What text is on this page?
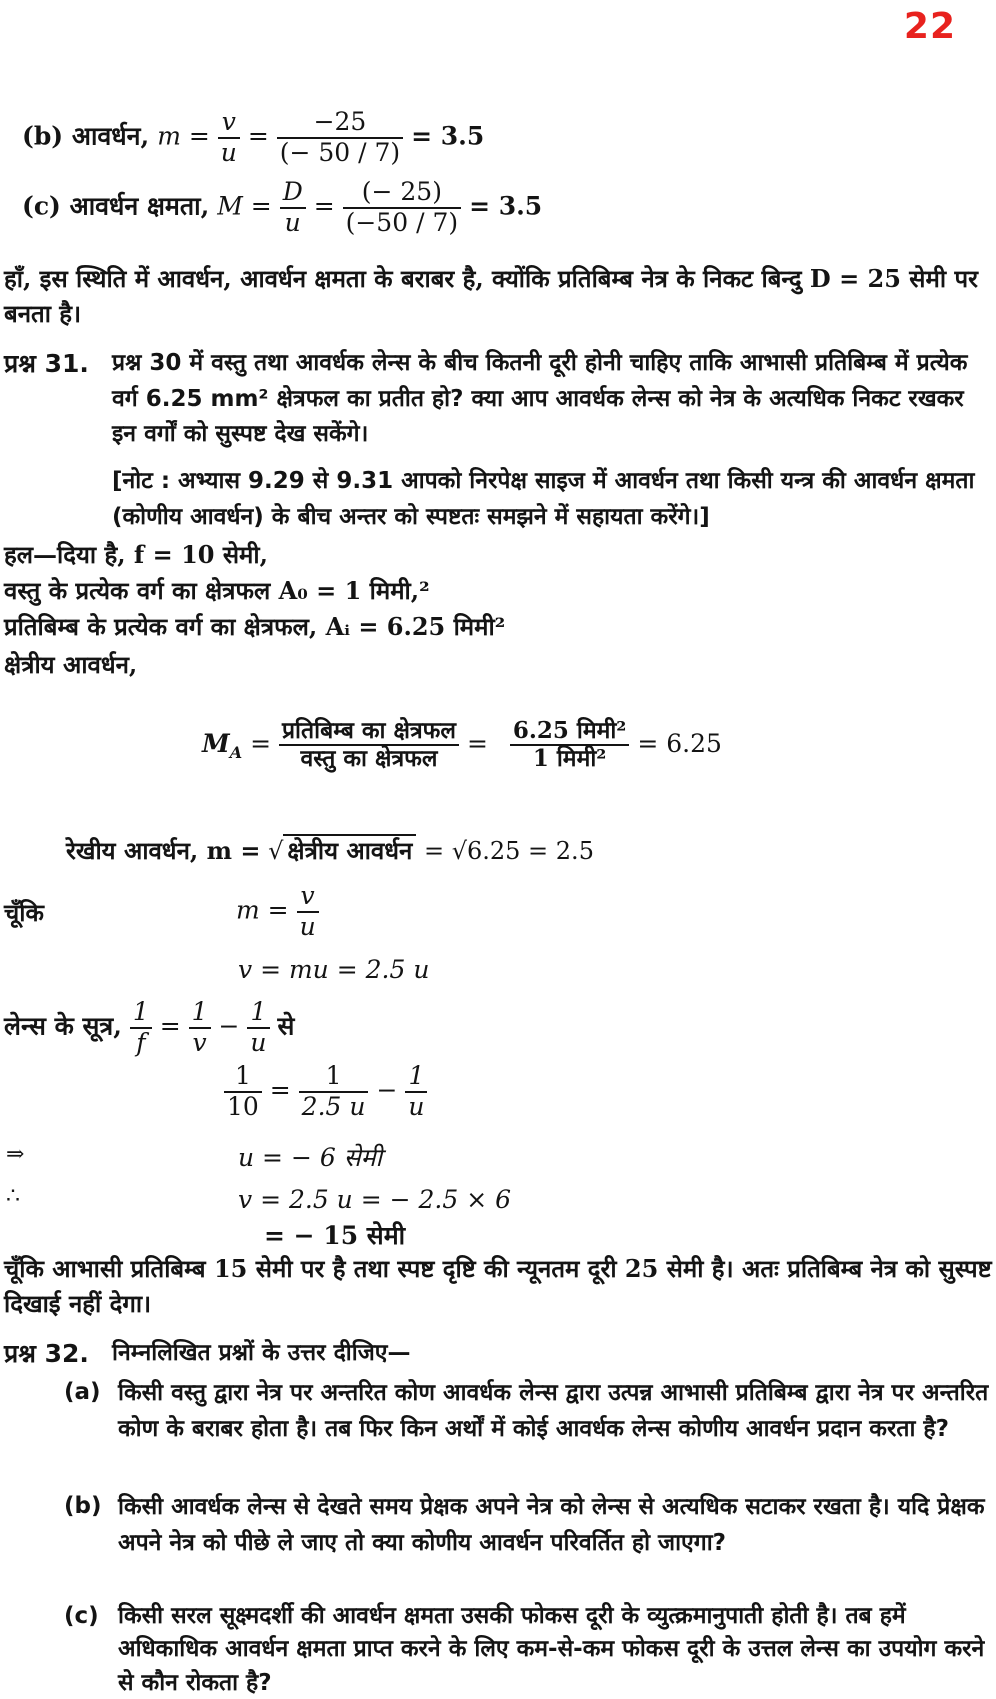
22
(b) आवर्धन, $m = \frac{v}{u} = \frac{-25}{(- 50 / 7)} = 3.5$
(c) आवर्धन क्षमता, $M = \frac{D}{u} = \frac{(- 25)}{(-50 / 7)} = 3.5$
हाँ, इस स्थिति में आवर्धन, आवर्धन क्षमता के बराबर है, क्योंकि प्रतिबिम्ब नेत्र के निकट बिन्दु D = 25 सेमी पर बनता है।
प्रश्न 31. प्रश्न 30 में वस्तु तथा आवर्धक लेन्स के बीच कितनी दूरी होनी चाहिए ताकि आभासी प्रतिबिम्ब में प्रत्येक वर्ग 6.25 mm² क्षेत्रफल का प्रतीत हो? क्या आप आवर्धक लेन्स को नेत्र के अत्यधिक निकट रखकर इन वर्गों को सुस्पष्ट देख सकेंगे।
[नोट : अभ्यास 9.29 से 9.31 आपको निरपेक्ष साइज में आवर्धन तथा किसी यन्त्र की आवर्धन क्षमता (कोणीय आवर्धन) के बीच अन्तर को स्पष्टतः समझने में सहायता करेंगे।]
हल—दिया है, f = 10 सेमी,
वस्तु के प्रत्येक वर्ग का क्षेत्रफल A₀ = 1 मिमी,²
प्रतिबिम्ब के प्रत्येक वर्ग का क्षेत्रफल, Aᵢ = 6.25 मिमी²
क्षेत्रीय आवर्धन,
$M_A = \frac{\text{प्रतिबिम्ब का क्षेत्रफल}}{\text{वस्तु का क्षेत्रफल}} = \frac{\text{6.25 मिमी²}}{\text{1 मिमी²}} = 6.25$
रेखीय आवर्धन, m = √ क्षेत्रीय आवर्धन = √6.25 = 2.5
चूँकि	$m = \frac{v}{u}$
v = mu = 2.5 u
लेन्स के सूत्र, $\frac{1}{f} = \frac{1}{v} - \frac{1}{u}$ से
$\frac{1}{10} = \frac{1}{2.5 u} - \frac{1}{u}$
⇒	u = − 6 सेमी
∴	v = 2.5 u = − 2.5 × 6
= − 15 सेमी
चूँकि आभासी प्रतिबिम्ब 15 सेमी पर है तथा स्पष्ट दृष्टि की न्यूनतम दूरी 25 सेमी है। अतः प्रतिबिम्ब नेत्र को सुस्पष्ट दिखाई नहीं देगा।
प्रश्न 32. निम्नलिखित प्रश्नों के उत्तर दीजिए—
(a) किसी वस्तु द्वारा नेत्र पर अन्तरित कोण आवर्धक लेन्स द्वारा उत्पन्न आभासी प्रतिबिम्ब द्वारा नेत्र पर अन्तरित कोण के बराबर होता है। तब फिर किन अर्थों में कोई आवर्धक लेन्स कोणीय आवर्धन प्रदान करता है?
(b) किसी आवर्धक लेन्स से देखते समय प्रेक्षक अपने नेत्र को लेन्स से अत्यधिक सटाकर रखता है। यदि प्रेक्षक अपने नेत्र को पीछे ले जाए तो क्या कोणीय आवर्धन परिवर्तित हो जाएगा?
(c) किसी सरल सूक्ष्मदर्शी की आवर्धन क्षमता उसकी फोकस दूरी के व्युत्क्रमानुपाती होती है। तब हमें अधिकाधिक आवर्धन क्षमता प्राप्त करने के लिए कम-से-कम फोकस दूरी के उत्तल लेन्स का उपयोग करने से कौन रोकता है?
